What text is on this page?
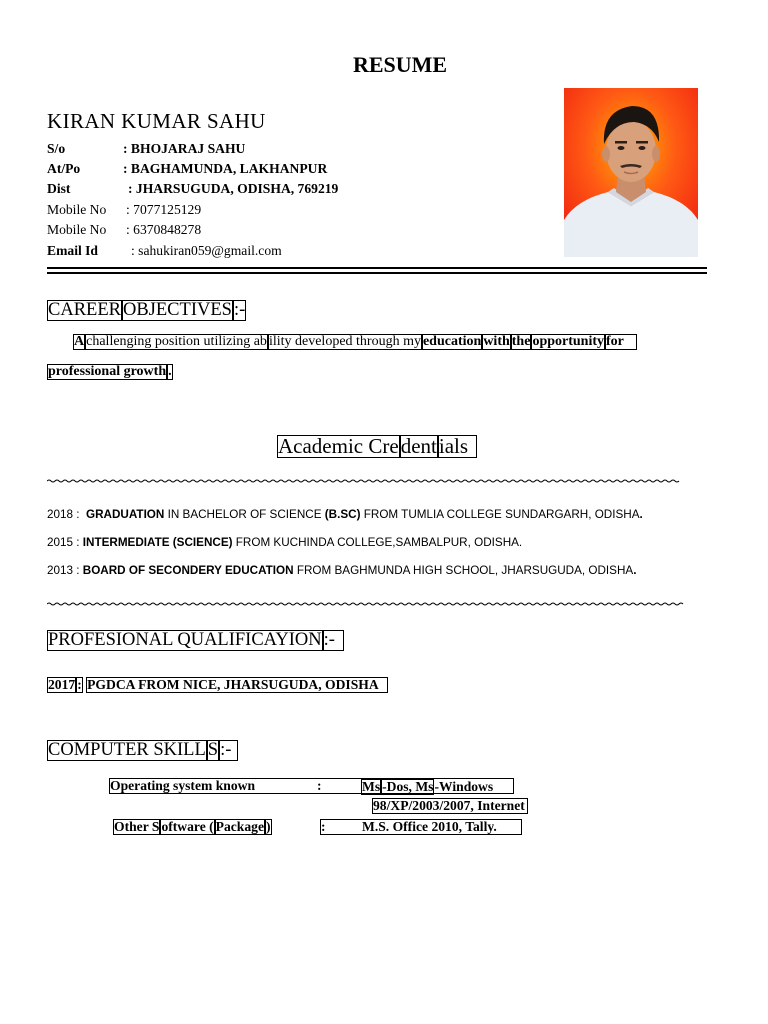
RESUME
KIRAN KUMAR SAHU
S/o	: BHOJARAJ SAHU
At/Po	: BAGHAMUNDA, LAKHANPUR
Dist	: JHARSUGUDA, ODISHA, 769219
Mobile No : 7077125129
Mobile No : 6370848278
Email Id : sahukiran059@gmail.com
CAREER OBJECTIVES :-
A challenging position utilizing ab ility developed through my education with the opportunity for
professional growth .
Academic Credentials
2018 : GRADUATION IN BACHELOR OF SCIENCE (B.SC) FROM TUMLIA COLLEGE SUNDARGARH, ODISHA.
2015 : INTERMEDIATE (SCIENCE) FROM KUCHINDA COLLEGE,SAMBALPUR, ODISHA.
2013 : BOARD OF SECONDERY EDUCATION FROM BAGHMUNDA HIGH SCHOOL, JHARSUGUDA, ODISHA.
PROFESIONAL QUALIFICAYION :-
2017 : PGDCA FROM NICE, JHARSUGUDA, ODISHA
COMPUTER SKILL S :-
Operating system known	:	Ms -Dos, Ms-Windows
98/XP/2003/2007, Internet
Other S oftware ( Package )	:	M.S. Office 2010, Tally.
